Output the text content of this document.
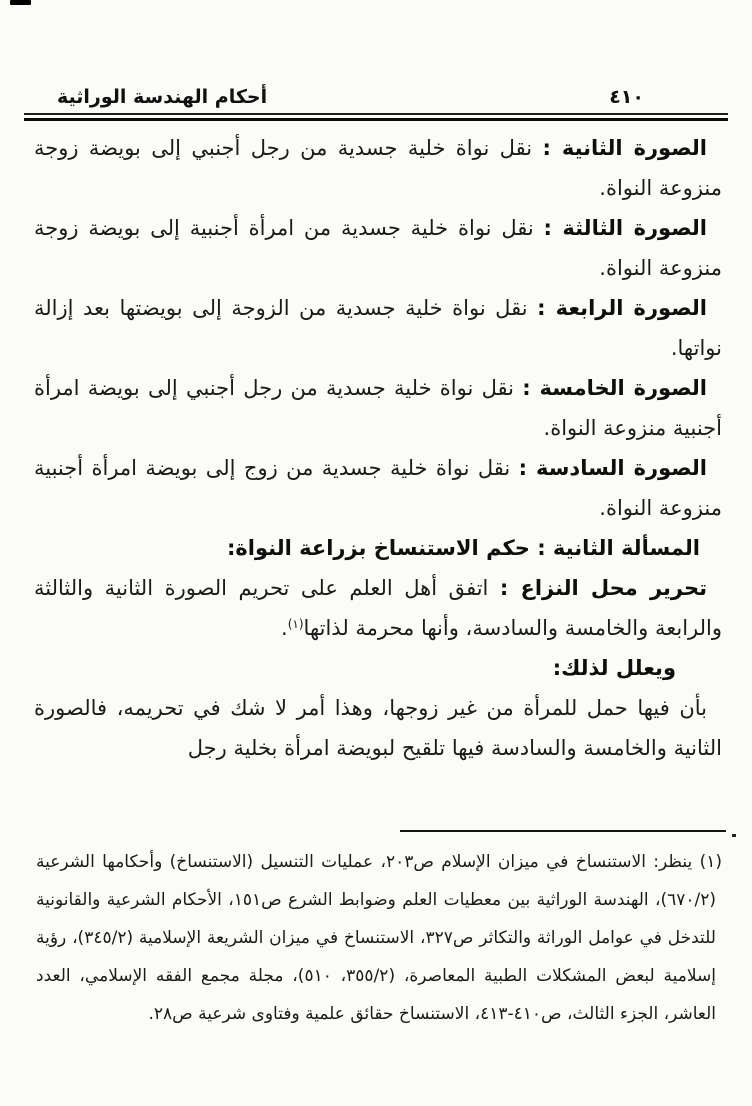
٤١٠
أحكام الهندسة الوراثية

الصورة الثانية : نقل نواة خلية جسدية من رجل أجنبي إلى بويضة زوجة منزوعة النواة.

الصورة الثالثة : نقل نواة خلية جسدية من امرأة أجنبية إلى بويضة زوجة منزوعة النواة.

الصورة الرابعة : نقل نواة خلية جسدية من الزوجة إلى بويضتها بعد إزالة نواتها.

الصورة الخامسة : نقل نواة خلية جسدية من رجل أجنبي إلى بويضة امرأة أجنبية منزوعة النواة.

الصورة السادسة : نقل نواة خلية جسدية من زوج إلى بويضة امرأة أجنبية منزوعة النواة.

المسألة الثانية : حكم الاستنساخ بزراعة النواة:

تحرير محل النزاع : اتفق أهل العلم على تحريم الصورة الثانية والثالثة والرابعة والخامسة والسادسة، وأنها محرمة لذاتها$^{(١)}$.

ويعلل لذلك:

بأن فيها حمل للمرأة من غير زوجها، وهذا أمر لا شك في تحريمه، فالصورة الثانية والخامسة والسادسة فيها تلقيح لبويضة امرأة بخلية رجل

(١) ينظر: الاستنساخ في ميزان الإسلام ص٢٠٣، عمليات التنسيل (الاستنساخ) وأحكامها الشرعية (٦٧٠/٢)، الهندسة الوراثية بين معطيات العلم وضوابط الشرع ص١٥١، الأحكام الشرعية والقانونية للتدخل في عوامل الوراثة والتكاثر ص٣٢٧، الاستنساخ في ميزان الشريعة الإسلامية (٣٤٥/٢)، رؤية إسلامية لبعض المشكلات الطبية المعاصرة، (٣٥٥/٢، ٥١٠)، مجلة مجمع الفقه الإسلامي، العدد العاشر، الجزء الثالث، ص٤١٠-٤١٣، الاستنساخ حقائق علمية وفتاوى شرعية ص٢٨.
